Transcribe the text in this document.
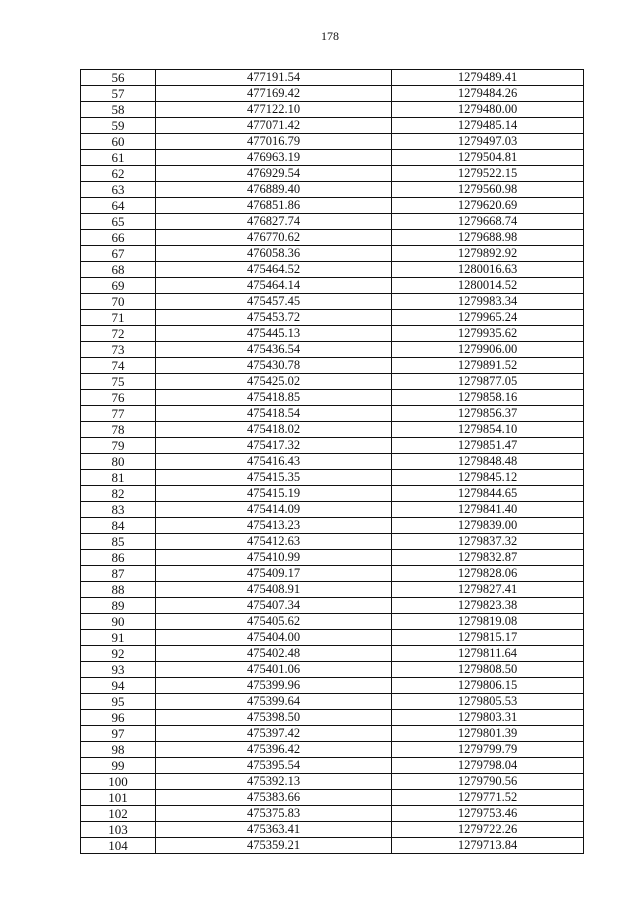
178
56	477191.54	1279489.41
57	477169.42	1279484.26
58	477122.10	1279480.00
59	477071.42	1279485.14
60	477016.79	1279497.03
61	476963.19	1279504.81
62	476929.54	1279522.15
63	476889.40	1279560.98
64	476851.86	1279620.69
65	476827.74	1279668.74
66	476770.62	1279688.98
67	476058.36	1279892.92
68	475464.52	1280016.63
69	475464.14	1280014.52
70	475457.45	1279983.34
71	475453.72	1279965.24
72	475445.13	1279935.62
73	475436.54	1279906.00
74	475430.78	1279891.52
75	475425.02	1279877.05
76	475418.85	1279858.16
77	475418.54	1279856.37
78	475418.02	1279854.10
79	475417.32	1279851.47
80	475416.43	1279848.48
81	475415.35	1279845.12
82	475415.19	1279844.65
83	475414.09	1279841.40
84	475413.23	1279839.00
85	475412.63	1279837.32
86	475410.99	1279832.87
87	475409.17	1279828.06
88	475408.91	1279827.41
89	475407.34	1279823.38
90	475405.62	1279819.08
91	475404.00	1279815.17
92	475402.48	1279811.64
93	475401.06	1279808.50
94	475399.96	1279806.15
95	475399.64	1279805.53
96	475398.50	1279803.31
97	475397.42	1279801.39
98	475396.42	1279799.79
99	475395.54	1279798.04
100	475392.13	1279790.56
101	475383.66	1279771.52
102	475375.83	1279753.46
103	475363.41	1279722.26
104	475359.21	1279713.84
